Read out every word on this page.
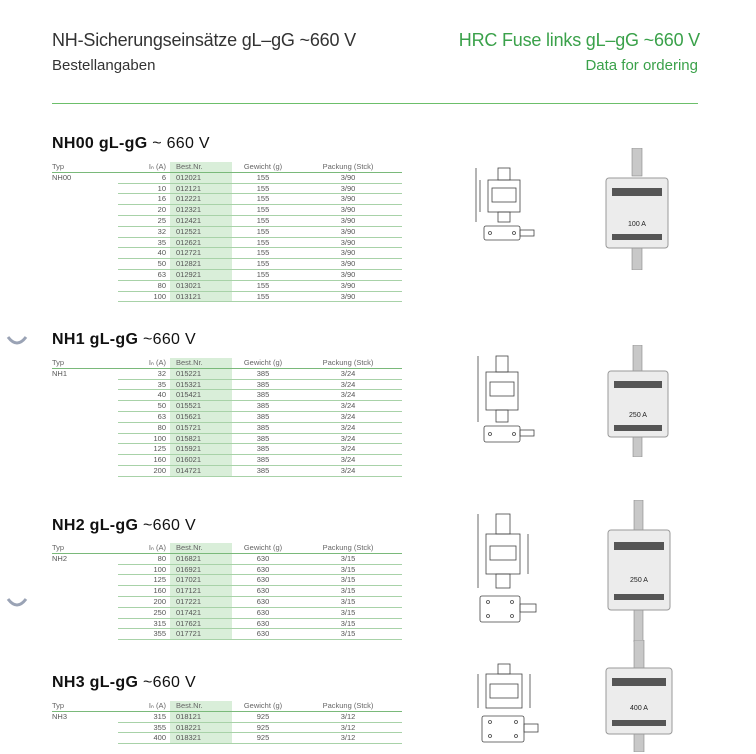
NH-Sicherungseinsätze gL–gG ~660 V
Bestellangaben
HRC Fuse links gL–gG ~660 V
Data for ordering
NH00 gL-gG ~ 660 V
Typ	Iₙ (A)	Best.Nr.	Gewicht (g)	Packung (Stck)
NH00	6	012021	155	3/90
	10	012121	155	3/90
	16	012221	155	3/90
	20	012321	155	3/90
	25	012421	155	3/90
	32	012521	155	3/90
	35	012621	155	3/90
	40	012721	155	3/90
	50	012821	155	3/90
	63	012921	155	3/90
	80	013021	155	3/90
	100	013121	155	3/90
NH1 gL-gG ~660 V
Typ	Iₙ (A)	Best.Nr.	Gewicht (g)	Packung (Stck)
NH1	32	015221	385	3/24
	35	015321	385	3/24
	40	015421	385	3/24
	50	015521	385	3/24
	63	015621	385	3/24
	80	015721	385	3/24
	100	015821	385	3/24
	125	015921	385	3/24
	160	016021	385	3/24
	200	014721	385	3/24
NH2 gL-gG ~660 V
Typ	Iₙ (A)	Best.Nr.	Gewicht (g)	Packung (Stck)
NH2	80	016821	630	3/15
	100	016921	630	3/15
	125	017021	630	3/15
	160	017121	630	3/15
	200	017221	630	3/15
	250	017421	630	3/15
	315	017621	630	3/15
	355	017721	630	3/15
NH3 gL-gG ~660 V
Typ	Iₙ (A)	Best.Nr.	Gewicht (g)	Packung (Stck)
NH3	315	018121	925	3/12
	355	018221	925	3/12
	400	018321	925	3/12
100 A
250 A
250 A
400 A
